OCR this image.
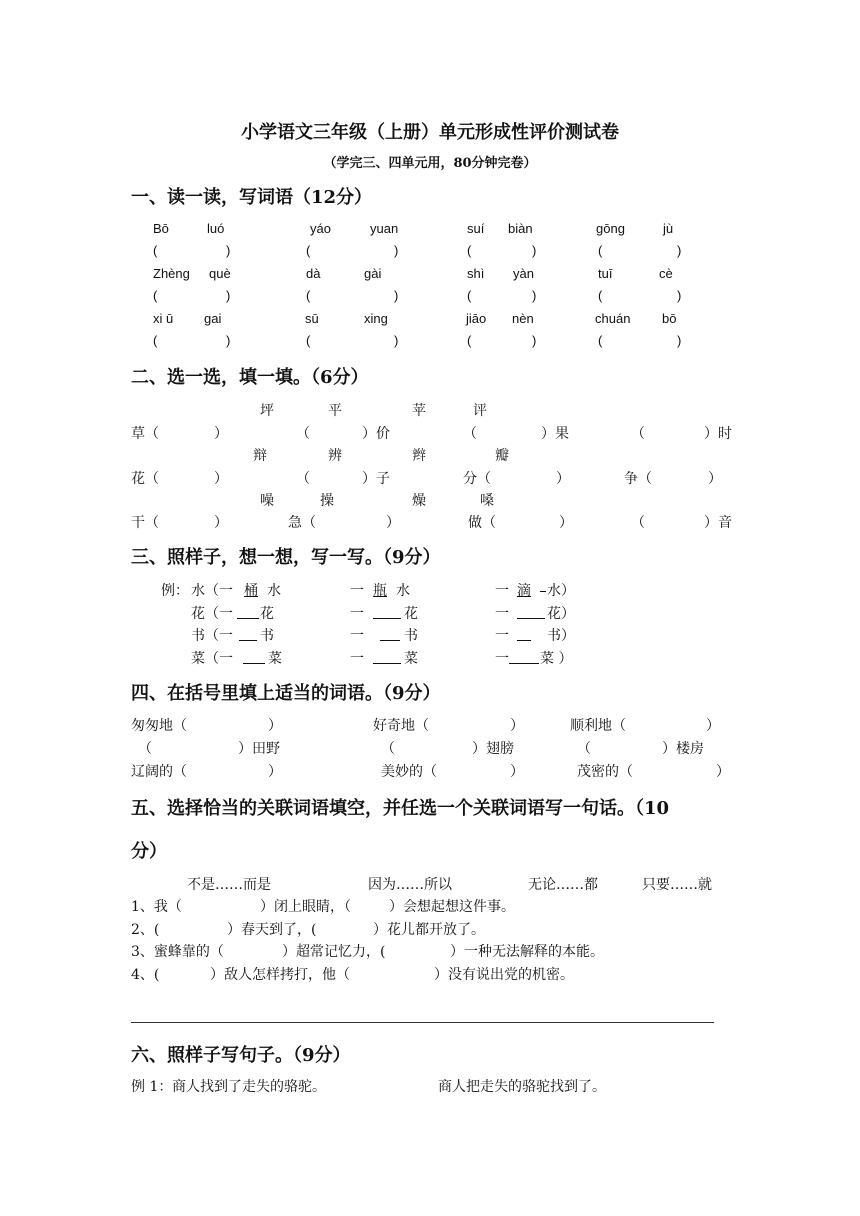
小学语文三年级（上册）单元形成性评价测试卷
（学完三、四单元用，80分钟完卷）
一、读一读，写词语（12分）
Bō	luó	yáo	yuan	suí biàn	gōng	jù
(	)	(	)	(	)	(	)
Zhèng què	dà	gài	shì yàn	tuī	cè
(	)	(	)	(	)	(	)
xi ū gai	sū	xing	jiāo nèn	chuán bō
(	)	(	)	(	)	(	)
二、选一选，填一填。（6分）
坪	平	苹	评
草（	）	（	）价	（	）果	（	）时
辩	辨	辫	瓣
花（	）	（	）子	分（	）	争（	）
噪	操	燥	嗓
干（	）	急（	）	做（	）	（	）音
三、照样子，想一想，写一写。（9分）
例： 水（一 桶 水	一 瓶 水	一 滴 水）
花（一 花	一	花	一	花）
书（一 书	一	书	一	书）
菜（一	菜	一	菜	一 菜 ）
四、在括号里填上适当的词语。（9分）
匆匆地（	）	好奇地（	）	顺利地（	）
（	）田野	（	）翅膀	（	）楼房
辽阔的（	）	美妙的（	）	茂密的（	）
五、选择恰当的关联词语填空，并任选一个关联词语写一句话。（10
分）
不是……而是	因为……所以	无论……都	只要……就
1、我（	）闭上眼睛，（	）会想起想这件事。
2、(	）春天到了，(	）花儿都开放了。
3、蜜蜂靠的（	）超常记忆力，(	）一种无法解释的本能。
4、(	）敌人怎样拷打，他（	）没有说出党的机密。
六、照样子写句子。（9分）
例 1： 商人找到了走失的骆驼。	商人把走失的骆驼找到了。
